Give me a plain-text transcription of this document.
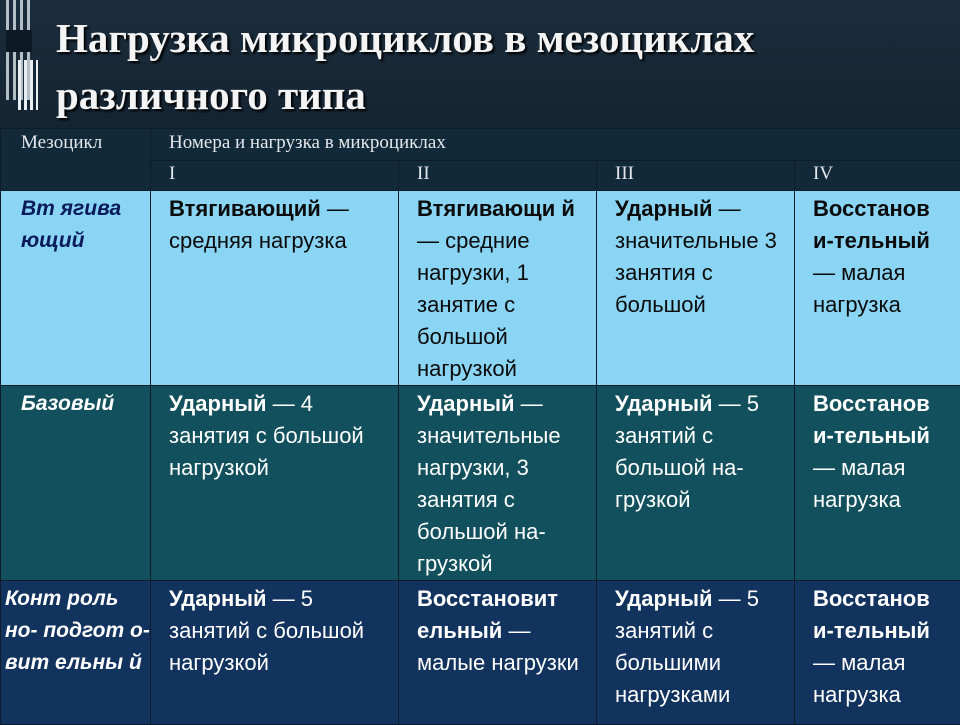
Нагрузка микроциклов в мезоциклах различного типа
Мезоцикл	Номера и нагрузка в микроциклах			
	I	II	III	IV

Вт ягива ющий	Втягивающий — средняя нагрузка	Втягивающи й — средние нагрузки, 1 занятие с большой нагрузкой	Ударный — значительные 3 занятия с большой	Восстанов и-тельный — малая нагрузка

Базовый	Ударный — 4 занятия с большой нагрузкой	Ударный — значительные нагрузки, 3 занятия с большой на-грузкой	Ударный — 5 занятий с большой на-грузкой	Восстанов и-тельный — малая нагрузка

Конт роль но- подгот о- вит ельны й	Ударный — 5 занятий с большой нагрузкой	Восстановит ельный — малые нагрузки	Ударный — 5 занятий с большими нагрузками	Восстанов и-тельный — малая нагрузка
